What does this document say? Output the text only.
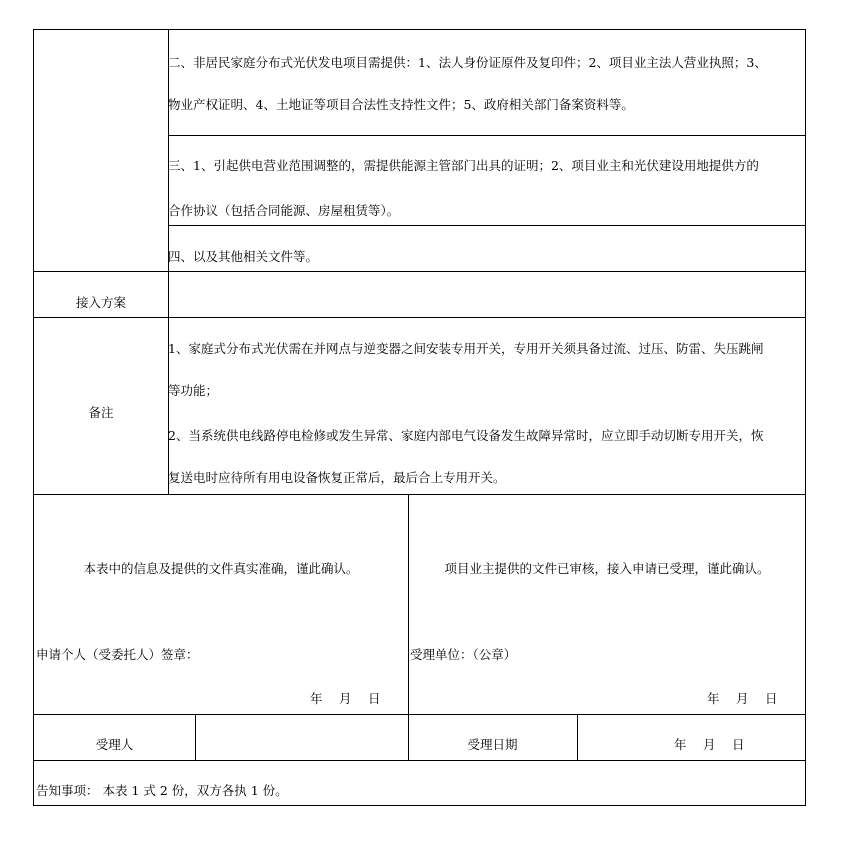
二、非居民家庭分布式光伏发电项目需提供：1、法人身份证原件及复印件；2、项目业主法人营业执照；3、
物业产权证明、4、土地证等项目合法性支持性文件；5、政府相关部门备案资料等。
三、1、引起供电营业范围调整的，需提供能源主管部门出具的证明；2、项目业主和光伏建设用地提供方的
合作协议（包括合同能源、房屋租赁等）。
四、以及其他相关文件等。
接入方案
备注
1、家庭式分布式光伏需在并网点与逆变器之间安装专用开关，专用开关须具备过流、过压、防雷、失压跳闸
等功能；
2、当系统供电线路停电检修或发生异常、家庭内部电气设备发生故障异常时，应立即手动切断专用开关，恢
复送电时应待所有用电设备恢复正常后，最后合上专用开关。
本表中的信息及提供的文件真实准确，谨此确认。
申请个人（受委托人）签章：
年　 月　 日
项目业主提供的文件已审核，接入申请已受理，谨此确认。
受理单位：（公章）
年　 月　 日
受理人	受理日期	年　 月　 日
告知事项： 本表 1 式 2 份，双方各执 1 份。
